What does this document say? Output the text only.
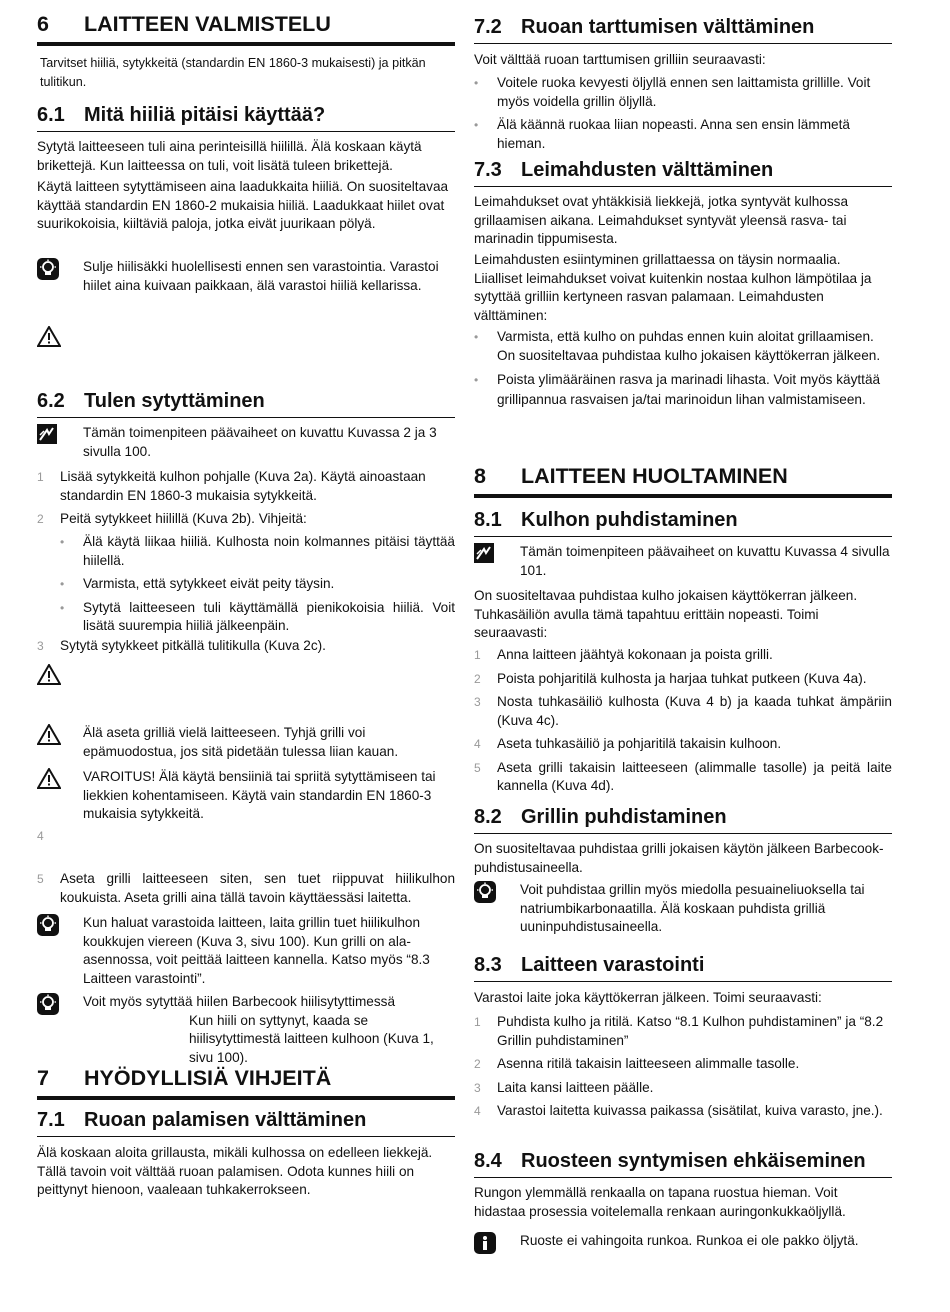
6 LAITTEEN VALMISTELU

Tarvitset hiiliä, sytykkeitä (standardin EN 1860-3 mukaisesti) ja pitkän tulitikun.

6.1 Mitä hiiliä pitäisi käyttää?

Sytytä laitteeseen tuli aina perinteisillä hiilillä. Älä koskaan käytä brikettejä. Kun laitteessa on tuli, voit lisätä tuleen brikettejä.

Käytä laitteen sytyttämiseen aina laadukkaita hiiliä. On suositeltavaa käyttää standardin EN 1860-2 mukaisia hiiliä. Laadukkaat hiilet ovat suurikokoisia, kiiltäviä paloja, jotka eivät juurikaan pölyä.

Sulje hiilisäkki huolellisesti ennen sen varastointia. Varastoi hiilet aina kuivaan paikkaan, älä varastoi hiiliä kellarissa.
6.2 Tulen sytyttäminen
Tämän toimenpiteen päävaiheet on kuvattu Kuvassa 2 ja 3 sivulla 100.
1	Lisää sytykkeitä kulhon pohjalle (Kuva 2a). Käytä ainoastaan standardin EN 1860-3 mukaisia sytykkeitä.
2	Peitä sytykkeet hiilillä (Kuva 2b). Vihjeitä:
•	Älä käytä liikaa hiiliä. Kulhosta noin kolmannes pitäisi täyttää hiilellä.
•	Varmista, että sytykkeet eivät peity täysin.
•	Sytytä laitteeseen tuli käyttämällä pienikokoisia hiiliä. Voit lisätä suurempia hiiliä jälkeenpäin.
3	Sytytä sytykkeet pitkällä tulitikulla (Kuva 2c).
Älä aseta grilliä vielä laitteeseen. Tyhjä grilli voi epämuodostua, jos sitä pidetään tulessa liian kauan.
VAROITUS! Älä käytä bensiiniä tai spriitä sytyttämiseen tai liekkien kohentamiseen. Käytä vain standardin EN 1860-3 mukaisia sytykkeitä.
4
5	Aseta grilli laitteeseen siten, sen tuet riippuvat hiilikulhon koukuista. Aseta grilli aina tällä tavoin käyttäessäsi laitetta.
Kun haluat varastoida laitteen, laita grillin tuet hiilikulhon koukkujen viereen (Kuva 3, sivu 100). Kun grilli on ala-asennossa, voit peittää laitteen kannella. Katso myös “8.3 Laitteen varastointi”.
Voit myös sytyttää hiilen Barbecook hiilisytyttimessä
Kun hiili on syttynyt, kaada se hiilisytyttimestä laitteen kulhoon (Kuva 1, sivu 100).
7 HYÖDYLLISIÄ VIHJEITÄ
7.1 Ruoan palamisen välttäminen

Älä koskaan aloita grillausta, mikäli kulhossa on edelleen liekkejä. Tällä tavoin voit välttää ruoan palamisen. Odota kunnes hiili on peittynyt hienoon, vaaleaan tuhkakerrokseen.

7.2 Ruoan tarttumisen välttäminen

Voit välttää ruoan tarttumisen grilliin seuraavasti:

•	Voitele ruoka kevyesti öljyllä ennen sen laittamista grillille. Voit myös voidella grillin öljyllä.
•	Älä käännä ruokaa liian nopeasti. Anna sen ensin lämmetä hieman.
7.3 Leimahdusten välttäminen

Leimahdukset ovat yhtäkkisiä liekkejä, jotka syntyvät kulhossa grillaamisen aikana. Leimahdukset syntyvät yleensä rasva- tai marinadin tippumisesta.

Leimahdusten esiintyminen grillattaessa on täysin normaalia. Liialliset leimahdukset voivat kuitenkin nostaa kulhon lämpötilaa ja sytyttää grilliin kertyneen rasvan palamaan. Leimahdusten välttäminen:

•	Varmista, että kulho on puhdas ennen kuin aloitat grillaamisen. On suositeltavaa puhdistaa kulho jokaisen käyttökerran jälkeen.
•	Poista ylimääräinen rasva ja marinadi lihasta. Voit myös käyttää grillipannua rasvaisen ja/tai marinoidun lihan valmistamiseen.
8 LAITTEEN HUOLTAMINEN
8.1 Kulhon puhdistaminen
Tämän toimenpiteen päävaiheet on kuvattu Kuvassa 4 sivulla 101.

On suositeltavaa puhdistaa kulho jokaisen käyttökerran jälkeen. Tuhkasäiliön avulla tämä tapahtuu erittäin nopeasti. Toimi seuraavasti:

1	Anna laitteen jäähtyä kokonaan ja poista grilli.
2	Poista pohjaritilä kulhosta ja harjaa tuhkat putkeen (Kuva 4a).
3	Nosta tuhkasäiliö kulhosta (Kuva 4 b) ja kaada tuhkat ämpäriin (Kuva 4c).
4	Aseta tuhkasäiliö ja pohjaritilä takaisin kulhoon.
5	Aseta grilli takaisin laitteeseen (alimmalle tasolle) ja peitä laite kannella (Kuva 4d).
8.2 Grillin puhdistaminen

On suositeltavaa puhdistaa grilli jokaisen käytön jälkeen Barbecook-puhdistusaineella.

Voit puhdistaa grillin myös miedolla pesuaineliuoksella tai natriumbikarbonaatilla. Älä koskaan puhdista grilliä uuninpuhdistusaineella.
8.3 Laitteen varastointi

Varastoi laite joka käyttökerran jälkeen. Toimi seuraavasti:

1	Puhdista kulho ja ritilä. Katso “8.1 Kulhon puhdistaminen” ja “8.2 Grillin puhdistaminen”
2	Asenna ritilä takaisin laitteeseen alimmalle tasolle.
3	Laita kansi laitteen päälle.
4	Varastoi laitetta kuivassa paikassa (sisätilat, kuiva varasto, jne.).
8.4 Ruosteen syntymisen ehkäiseminen

Rungon ylemmällä renkaalla on tapana ruostua hieman. Voit hidastaa prosessia voitelemalla renkaan auringonkukkaöljyllä.

Ruoste ei vahingoita runkoa. Runkoa ei ole pakko öljytä.
